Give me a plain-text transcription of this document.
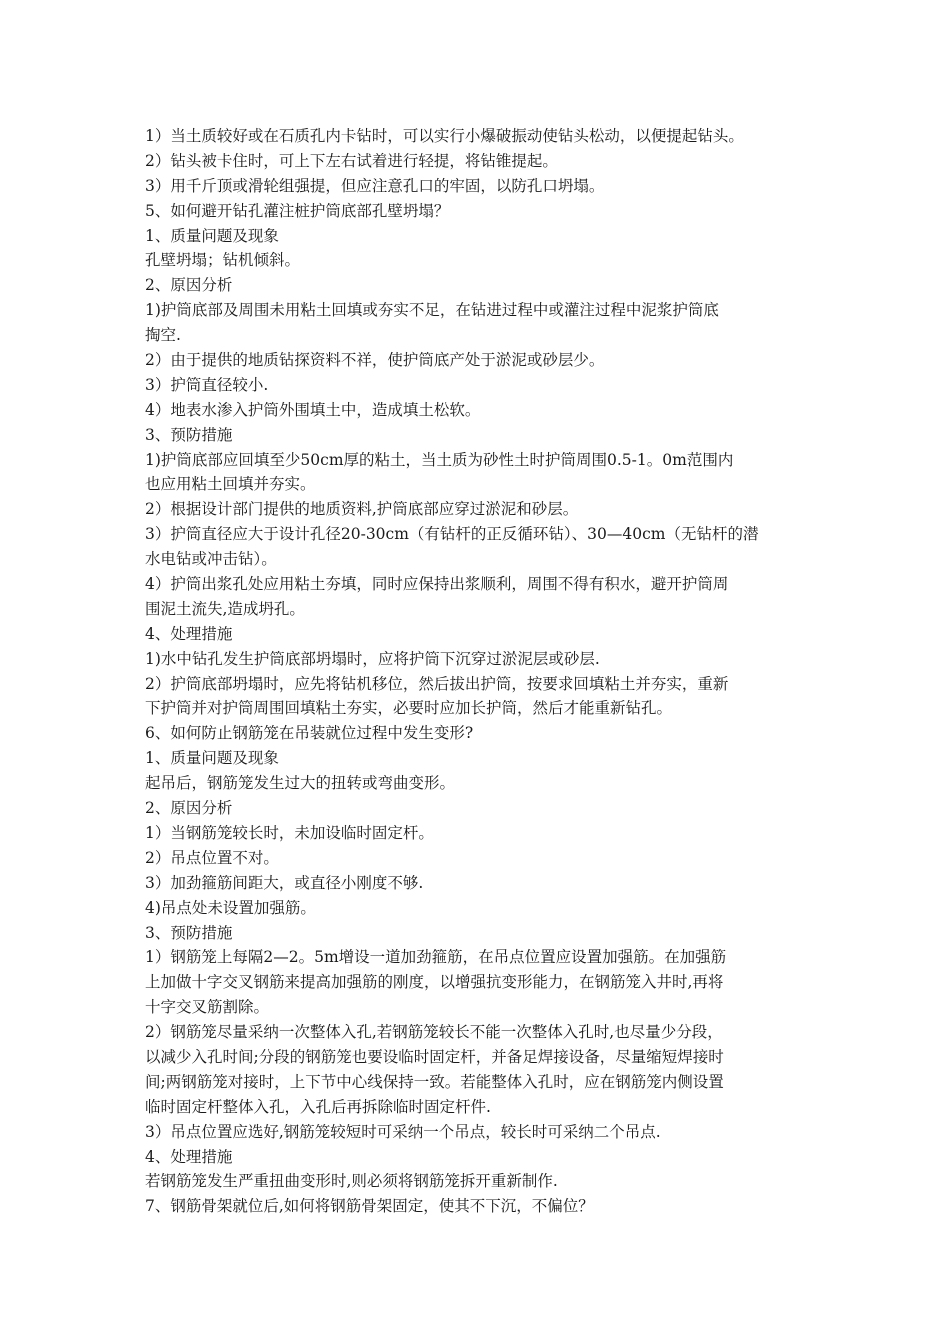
1）当土质较好或在石质孔内卡钻时，可以实行小爆破振动使钻头松动，以便提起钻头。
2）钻头被卡住时，可上下左右试着进行轻提，将钻锥提起。
3）用千斤顶或滑轮组强提，但应注意孔口的牢固，以防孔口坍塌。
5、如何避开钻孔灌注桩护筒底部孔壁坍塌？
1、质量问题及现象
孔壁坍塌；钻机倾斜。
2、原因分析
1)护筒底部及周围未用粘土回填或夯实不足，在钻进过程中或灌注过程中泥浆护筒底
掏空.
2）由于提供的地质钻探资料不祥，使护筒底产处于淤泥或砂层少。
3）护筒直径较小.
4）地表水渗入护筒外围填土中，造成填土松软。
3、预防措施
1)护筒底部应回填至少50cm厚的粘土，当土质为砂性土时护筒周围0.5-1。0m范围内
也应用粘土回填并夯实。
2）根据设计部门提供的地质资料,护筒底部应穿过淤泥和砂层。
3）护筒直径应大于设计孔径20-30cm（有钻杆的正反循环钻）、30—40cm（无钻杆的潜
水电钻或冲击钻）。
4）护筒出浆孔处应用粘土夯填，同时应保持出浆顺利，周围不得有积水，避开护筒周
围泥土流失,造成坍孔。
4、处理措施
1)水中钻孔发生护筒底部坍塌时，应将护筒下沉穿过淤泥层或砂层.
2）护筒底部坍塌时，应先将钻机移位，然后拔出护筒，按要求回填粘土并夯实，重新
下护筒并对护筒周围回填粘土夯实，必要时应加长护筒，然后才能重新钻孔。
6、如何防止钢筋笼在吊装就位过程中发生变形?
1、质量问题及现象
起吊后，钢筋笼发生过大的扭转或弯曲变形。
2、原因分析
1）当钢筋笼较长时，未加设临时固定杆。
2）吊点位置不对。
3）加劲箍筋间距大，或直径小刚度不够.
4)吊点处未设置加强筋。
3、预防措施
1）钢筋笼上每隔2—2。5m增设一道加劲箍筋，在吊点位置应设置加强筋。在加强筋
上加做十字交叉钢筋来提高加强筋的刚度，以增强抗变形能力，在钢筋笼入井时,再将
十字交叉筋割除。
2）钢筋笼尽量采纳一次整体入孔,若钢筋笼较长不能一次整体入孔时,也尽量少分段，
以减少入孔时间;分段的钢筋笼也要设临时固定杆，并备足焊接设备，尽量缩短焊接时
间;两钢筋笼对接时，上下节中心线保持一致。若能整体入孔时，应在钢筋笼内侧设置
临时固定杆整体入孔，入孔后再拆除临时固定杆件.
3）吊点位置应选好,钢筋笼较短时可采纳一个吊点，较长时可采纳二个吊点.
4、处理措施
若钢筋笼发生严重扭曲变形时,则必须将钢筋笼拆开重新制作.
7、钢筋骨架就位后,如何将钢筋骨架固定，使其不下沉，不偏位？
